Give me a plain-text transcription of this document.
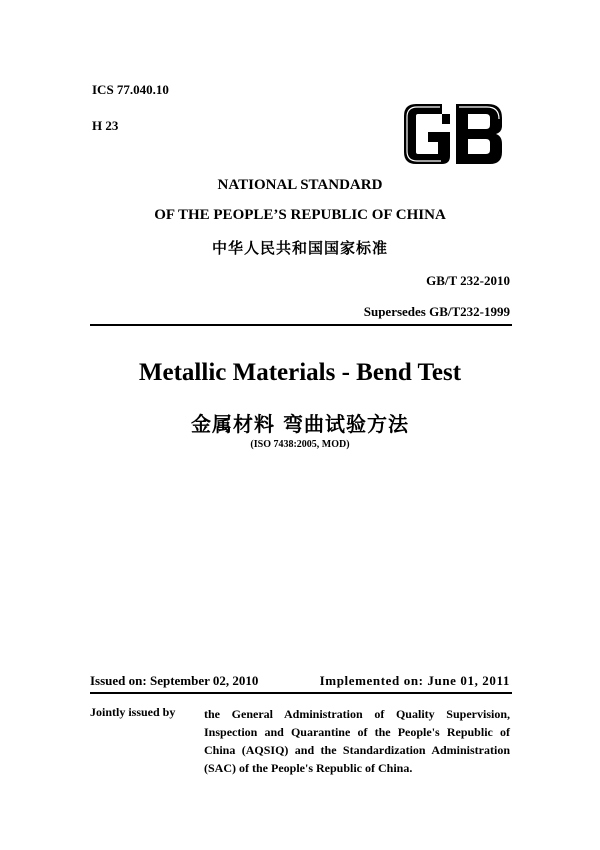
ICS 77.040.10
H 23
NATIONAL STANDARD
OF THE PEOPLE’S REPUBLIC OF CHINA
中华人民共和国国家标准
GB/T 232-2010
Supersedes GB/T232-1999
Metallic Materials - Bend Test
金属材料 弯曲试验方法
(ISO 7438:2005, MOD)
Issued on: September 02, 2010	Implemented on: June 01, 2011
Jointly issued by the General Administration of Quality Supervision, Inspection and Quarantine of the People's Republic of China (AQSIQ) and the Standardization Administration (SAC) of the People's Republic of China.
